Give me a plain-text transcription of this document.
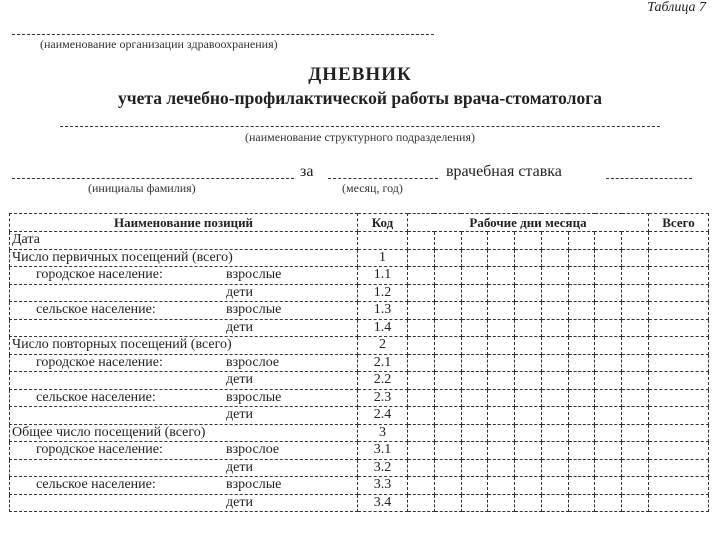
Таблица 7
(наименование организации здравоохранения)
ДНЕВНИК
учета лечебно-профилактической работы врача-стоматолога
(наименование структурного подразделения)
за	врачебная ставка
(инициалы фамилия)	(месяц, год)
Наименование позиций	Код	Рабочие дни месяца									Всего
Дата											
Число первичных посещений (всего)	1										
городское население: взрослые	1.1										
дети	1.2										
сельское население: взрослые	1.3										
дети	1.4										
Число повторных посещений (всего)	2										
городское население: взрослое	2.1										
дети	2.2										
сельское население: взрослые	2.3										
дети	2.4										
Общее число посещений (всего)	3										
городское население: взрослое	3.1										
дети	3.2										
сельское население: взрослые	3.3										
дети	3.4										
